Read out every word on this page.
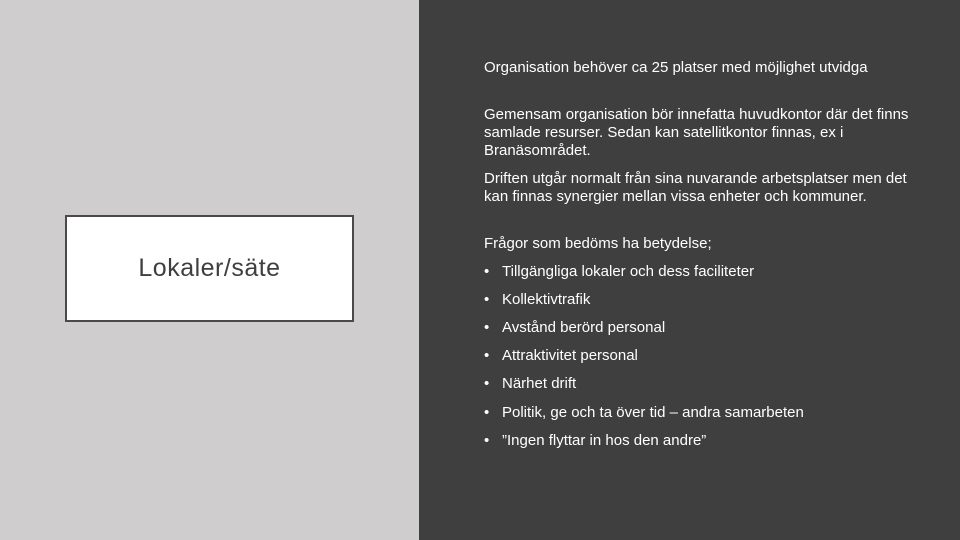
Lokaler/säte

Organisation behöver ca 25 platser med möjlighet utvidga

Gemensam organisation bör innefatta huvudkontor där det finns samlade resurser. Sedan kan satellitkontor finnas, ex i Branäsområdet.

Driften utgår normalt från sina nuvarande arbetsplatser men det kan finnas synergier mellan vissa enheter och kommuner.

Frågor som bedöms ha betydelse;

• Tillgängliga lokaler och dess faciliteter
• Kollektivtrafik
• Avstånd berörd personal
• Attraktivitet personal
• Närhet drift
• Politik, ge och ta över tid – andra samarbeten
• ”Ingen flyttar in hos den andre”
